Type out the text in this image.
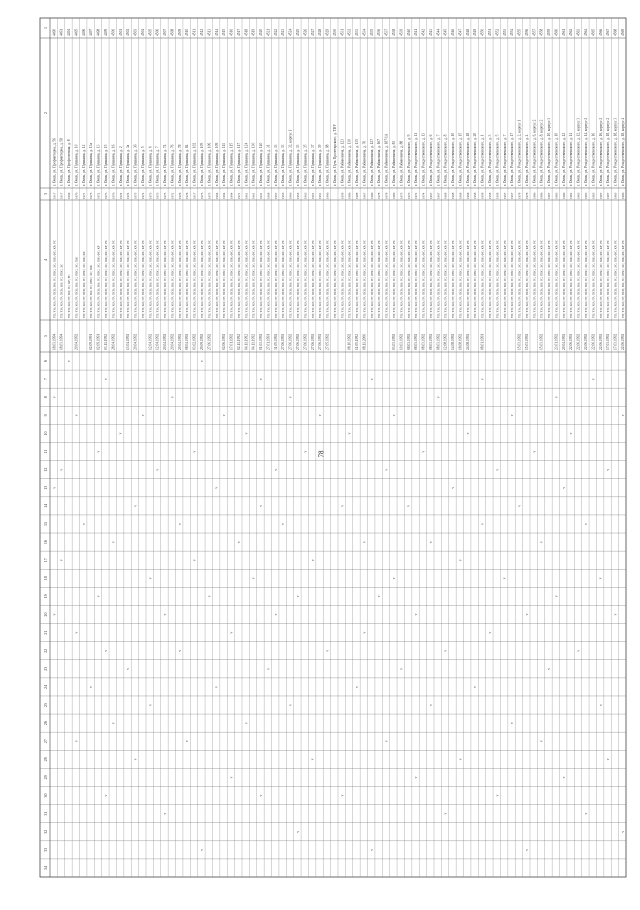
1
2
3
4
5
6
7
8
9
10
11
12
13
14
15
16
17
18
19
20
21
22
23
24
25
26
27
28
29
30
31
32
33
34
4490
г. Омск, ул. Профинтерна, д. 56
1917
ТП; ТН; ХО; ГР; ПСВ; ВО; ГС; ПВС; ЭС; ПЖ; ФС; КР; РС
18.03.1994
v
v
v
4491
г. Омск, ул. Профинтерна, д. 58
1917
ТП; ТН; ХО; ГР; ПСВ; ВО; ГС; ПВС; ЭС
18.03.1994
v
v
4494
г. Омск, ул. Профсоюзная, д. 8
1959
ТП; ТН; ХО; ГР; ВО; ГС; КР; РС
v
4495
г. Омск, ул. Пушкина, д. 10
1970
ТП; ТН; ХО; ГР; ПСВ; ВО; ГС; ПВС; ЭС; ПЖ
20.04.1992
v
v
v
4496
г. Омск, ул. Пушкина, д. 12
1971
ТП; ТН; ХО; ГР; ПСВ; ВО; ГС; ПВС; ЭС; ПЖ; ФС
v
4497
г. Омск, ул. Пушкина, д. 13а
1975
ТП; ТН; ХО; ГР; ВО; ГС; ПВС; ЭС; ПЖ
02.09.1991
v
4498
г. Омск, ул. Пушкина, д. 13
1972
ТП; ТН; ХО; ГР; ПСВ; ВО; ГС; ПВС; ЭС; ПЖ; ФС; КР
02.09.1991
v
v
4499
г. Омск, ул. Пушкина, д. 15
1973
ТП; ТН; ХО; ГР; ПСВ; ВО; ГС; ПВС; ЭС; ПЖ; ФС; КР; РС
03.11.1992
v
v
v
4500
г. Омск, ул. Пушкина, д. 16
1976
ТП; ТН; ХО; ГР; ПСВ; ВО; ГС; ПВС; ЭС; ПЖ; ФС; КР; РС
28.04.1992
v
v
4501
г. Омск, ул. Пушкина, д. 2
1974
ТП; ТН; ХО; ГР; ПСВ; ВО; ГС; ПВС; ЭС; ПЖ; ФС; КР; РС
v
4502
г. Омск, ул. Пушкина, д. 3а
1974
ТП; ТН; ХО; ГР; ПСВ; ВО; ГС; ПВС; ЭС; ПЖ; ФС; КР; РС
13.04.1992
v
4503
г. Омск, ул. Пушкина, д. 3б
1975
ТП; ТН; ХО; ГР; ПСВ; ВО; ГС; ПВС; ЭС; ПЖ; ФС; КР; РС
20.04.1992
v
v
4504
г. Омск, ул. Пушкина, д. 5
1972
ТП; ТН; ХО; ГР; ПСВ; ВО; ГС; ПВС; ЭС; ПЖ; ФС; КР; РС
v
4505
г. Омск, ул. Пушкина, д. 6
1973
ТП; ТН; ХО; ГР; ПСВ; ВО; ГС; ПВС; ЭС; ПЖ; ФС; КР; РС
12.04.1992
v
v
4506
г. Омск, ул. Пушкина, д. 7
1973
ТП; ТН; ХО; ГР; ПСВ; ВО; ГС; ПВС; ЭС; ПЖ; ФС; КР; РС
12.04.1992
v
4507
г. Омск, ул. Пушкина, д. 74
1975
ТП; ТН; ХО; ГР; ПСВ; ВО; ГС; ПВС; ЭС; ПЖ; ФС; КР; РС
20.04.1992
v
v
4508
г. Омск, ул. Пушкина, д. 76
1972
ТП; ТН; ХО; ГР; ПСВ; ВО; ГС; ПВС; ЭС; ПЖ; ФС; КР; РС
20.04.1992
v
4509
г. Омск, ул. Пушкина, д. 78
1979
ТП; ТН; ХО; ГР; ПСВ; ВО; ГС; ПВС; ЭС; ПЖ; ФС; КР; РС
20.04.1992
v
v
4510
г. Омск, ул. Пушкина, д. 84
1979
ТП; ТН; ХО; ГР; ПСВ; ВО; ГС; ПВС; ЭС; ПЖ; ФС; КР; РС
08.04.1992
v
4511
г. Омск, ул. Пушкина, д. 102
1917
ТП; ТН; ХО; ГР; ПСВ; ВО; ГС; ПВС; ЭС; ПЖ; ФС; КР; РС
03.02.1992
v
v
4512
г. Омск, ул. Пушкина, д. 105
1975
ТП; ТН; ХО; ГР; ПСВ; ВО; ГС; ПВС; ЭС; ПЖ; ФС; КР; РС
29.09.1992
v
v
4513
г. Омск, ул. Пушкина, д. 106
1975
ТП; ТН; ХО; ГР; ПСВ; ВО; ГС; ПВС; ЭС; ПЖ; ФС; КР; РС
27.06.1992
v
4514
г. Омск, ул. Пушкина, д. 109
1964
ТП; ТН; ХО; ГР; ПСВ; ВО; ГС; ПВС; ЭС; ПЖ; ФС; КР; РС
v
v
4515
г. Омск, ул. Пушкина, д. 111
1964
ТП; ТН; ХО; ГР; ПСВ; ВО; ГС; ПВС; ЭС; ПЖ; ФС; КР; РС
02.06.1992
v
4516
г. Омск, ул. Пушкина, д. 115
1964
ТП; ТН; ХО; ГР; ПСВ; ВО; ГС; ПВС; ЭС; ПЖ; ФС; КР; РС
17.01.1992
v
v
4517
г. Омск, ул. Пушкина, д. 117
1971
ТП; ТН; ХО; ГР; ПСВ; ВО; ГС; ПВС; ЭС; ПЖ; ФС; КР; РС
02.11.1992
v
4518
г. Омск, ул. Пушкина, д. 124
1961
ТП; ТН; ХО; ГР; ПСВ; ВО; ГС; ПВС; ЭС; ПЖ; ФС; КР; РС
04.11.1992
v
v
4519
г. Омск, ул. Пушкина, д. 130
1961
ТП; ТН; ХО; ГР; ПСВ; ВО; ГС; ПВС; ЭС; ПЖ; ФС; КР; РС
04.11.1992
v
4520
г. Омск, ул. Пушкина, д. 140
1931
ТП; ТН; ХО; ГР; ПСВ; ВО; ГС; ПВС; ЭС; ПЖ; ФС; КР; РС
01.03.1992
v
v
v
4521
г. Омск, ул. Пушкина, д. 31
1968
ТП; ТН; ХО; ГР; ПСВ; ВО; ГС; ПВС; ЭС; ПЖ; ФС; КР; РС
27.01.1991
v
4522
г. Омск, ул. Пушкина, д. 33
1967
ТП; ТН; ХО; ГР; ПСВ; ВО; ГС; ПВС; ЭС; ПЖ; ФС; КР; РС
31.05.1992
v
v
4523
г. Омск, ул. Пушкина, д. 33
1965
ТП; ТН; ХО; ГР; ПСВ; ВО; ГС; ПВС; ЭС; ПЖ; ФС; КР; РС
27.06.1992
v
4524
г. Омск, ул. Пушкина, д. 32, корпус 1
1966
ТП; ТН; ХО; ГР; ПСВ; ВО; ГС; ПВС; ЭС; ПЖ; ФС; КР; РС
27.06.1992
v
v
4525
г. Омск, ул. Пушкина, д. 33
1965
ТП; ТН; ХО; ГР; ПСВ; ВО; ГС; ПВС; ЭС; ПЖ; ФС; КР; РС
27.06.1992
v
v
4526
г. Омск, ул. Пушкина, д. 35
1963
ТП; ТН; ХО; ГР; ПСВ; ВО; ГС; ПВС; ЭС; ПЖ; ФС; КР; РС
27.06.1992
v
4527
г. Омск, ул. Пушкина, д. 37
1961
ТП; ТН; ХО; ГР; ПСВ; ВО; ГС; ПВС; ЭС; ПЖ; ФС; КР; РС
27.06.1992
v
v
4528
г. Омск, ул. Пушкина, д. 39
1961
ТП; ТН; ХО; ГР; ПСВ; ВО; ГС; ПВС; ЭС; ПЖ; ФС; КР; РС
27.06.1992
v
4529
г. Омск, ул. Пушкина, д. 98
1960
ТП; ТН; ХО; ГР; ПСВ; ВО; ГС; ПВС; ЭС; ПЖ; ФС; КР; РС
27.05.1992
v
4530
г. Омск, ул. Путь Пролетарского, д. ТНУ
ТП; ТН; ХО; ГР; ПСВ; ВО; ГС; ПВС; ЭС; ПЖ; ФС; КР; РС
4531
г. Омск, ул. Рабиновича, д. 123
1958
ТП; ТН; ХО; ГР; ПСВ; ВО; ГС; ПВС; ЭС; ПЖ; ФС; КР; РС
v
v
4532
г. Омск, ул. Рабиновича, д. 130
1980
ТП; ТН; ХО; ГР; ПСВ; ВО; ГС; ПВС; ЭС; ПЖ; ФС; КР; РС
08.10.1992
v
4533
г. Омск, ул. Рабиновича, д. 135
1988
ТП; ТН; ХО; ГР; ПСВ; ВО; ГС; ПВС; ЭС; ПЖ; ФС; КР; РС
11.05.1992
v
4534
г. Омск, ул. Рабиновича, д. 76
1967
ТП; ТН; ХО; ГР; ПСВ; ВО; ГС; ПВС; ЭС; ПЖ; ФС; КР; РС
08.11.2006
v
v
4535
г. Омск, ул. Рабиновича, д. 127
1990
ТП; ТН; ХО; ГР; ПСВ; ВО; ГС; ПВС; ЭС; ПЖ; ФС; КР; РС
v
v
4536
г. Омск, ул. Рабиновича, д. 167
1978
ТП; ТН; ХО; ГР; ПСВ; ВО; ГС; ПВС; ЭС; ПЖ; ФС; КР; РС
v
4537
г. Омск, ул. Рабиновича, д. 187/1А
1978
ТП; ТН; ХО; ГР; ПСВ; ВО; ГС; ПВС; ЭС; ПЖ; ФС; КР; РС
v
v
4538
г. Омск, ул. Рабиновича, д. 83
1980
ТП; ТН; ХО; ГР; ПСВ; ВО; ГС; ПВС; ЭС; ПЖ; ФС; КР; РС
03.03.1992
v
v
4539
г. Омск, ул. Рабиновича, д. 88
1975
ТП; ТН; ХО; ГР; ПСВ; ВО; ГС; ПВС; ЭС; ПЖ; ФС; КР; РС
10.03.1992
v
4540
г. Омск, ул. Рождественского, д. 9
1973
ТП; ТН; ХО; ГР; ПСВ; ВО; ГС; ПВС; ЭС; ПЖ; ФС; КР; РС
08.03.1992
v
4541
г. Омск, ул. Рождественского, д. 11
1972
ТП; ТН; ХО; ГР; ПСВ; ВО; ГС; ПВС; ЭС; ПЖ; ФС; КР; РС
08.03.1992
v
v
4542
г. Омск, ул. Рождественского, д. 13
1974
ТП; ТН; ХО; ГР; ПСВ; ВО; ГС; ПВС; ЭС; ПЖ; ФС; КР; РС
08.03.1992
v
4543
г. Омск, ул. Рождественского, д. 6
1967
ТП; ТН; ХО; ГР; ПСВ; ВО; ГС; ПВС; ЭС; ПЖ; ФС; КР; РС
08.03.1992
v
v
4544
г. Омск, ул. Рождественского, д. 7
1967
ТП; ТН; ХО; ГР; ПСВ; ВО; ГС; ПВС; ЭС; ПЖ; ФС; КР; РС
08.03.1992
v
4545
г. Омск, ул. Рождественского, д. 8
1968
ТП; ТН; ХО; ГР; ПСВ; ВО; ГС; ПВС; ЭС; ПЖ; ФС; КР; РС
12.08.1992
v
v
4546
г. Омск, ул. Рождественского, д. 10
1968
ТП; ТН; ХО; ГР; ПСВ; ВО; ГС; ПВС; ЭС; ПЖ; ФС; КР; РС
14.08.1992
v
4547
г. Омск, ул. Рождественского, д. 15
1968
ТП; ТН; ХО; ГР; ПСВ; ВО; ГС; ПВС; ЭС; ПЖ; ФС; КР; РС
18.08.1992
v
v
4548
г. Омск, ул. Рождественского, д. 18
1968
ТП; ТН; ХО; ГР; ПСВ; ВО; ГС; ПВС; ЭС; ПЖ; ФС; КР; РС
24.08.1992
v
4549
г. Омск, ул. Рождественского, д. 20
1958
ТП; ТН; ХО; ГР; ПСВ; ВО; ГС; ПВС; ЭС; ПЖ; ФС; КР; РС
v
4550
г. Омск, ул. Рождественского, д. 1
1958
ТП; ТН; ХО; ГР; ПСВ; ВО; ГС; ПВС; ЭС; ПЖ; ФС; КР; РС
08.01.1991
v
v
4551
г. Омск, ул. Рождественского, д. 3
1958
ТП; ТН; ХО; ГР; ПСВ; ВО; ГС; ПВС; ЭС; ПЖ; ФС; КР; РС
v
4552
г. Омск, ул. Рождественского, д. 5
1958
ТП; ТН; ХО; ГР; ПСВ; ВО; ГС; ПВС; ЭС; ПЖ; ФС; КР; РС
v
v
4553
г. Омск, ул. Рождественского, д. 7
1967
ТП; ТН; ХО; ГР; ПСВ; ВО; ГС; ПВС; ЭС; ПЖ; ФС; КР; РС
v
4554
г. Омск, ул. Рождественского, д. 17
1967
ТП; ТН; ХО; ГР; ПСВ; ВО; ГС; ПВС; ЭС; ПЖ; ФС; КР; РС
v
v
4555
г. Омск, ул. Рождественского, д. 2, корпус 1
1978
ТП; ТН; ХО; ГР; ПСВ; ВО; ГС; ПВС; ЭС; ПЖ; ФС; КР; РС
15.03.1992
v
4556
г. Омск, ул. Рождественского, д. 4
1978
ТП; ТН; ХО; ГР; ПСВ; ВО; ГС; ПВС; ЭС; ПЖ; ФС; КР; РС
15.03.1992
v
v
4557
г. Омск, ул. Рождественского, д. 6, корпус 2
1980
ТП; ТН; ХО; ГР; ПСВ; ВО; ГС; ПВС; ЭС; ПЖ; ФС; КР; РС
v
4558
г. Омск, ул. Рождественского, д. 8, корпус 2
1980
ТП; ТН; ХО; ГР; ПСВ; ВО; ГС; ПВС; ЭС; ПЖ; ФС; КР; РС
15.03.1992
v
v
4559
г. Омск, ул. Рождественского, д. 10, корпус 3
1987
ТП; ТН; ХО; ГР; ПСВ; ВО; ГС; ПВС; ЭС; ПЖ; ФС; КР; РС
v
4560
г. Омск, ул. Рождественского, д. 10
1983
ТП; ТН; ХО; ГР; ПСВ; ВО; ГС; ПВС; ЭС; ПЖ; ФС; КР; РС
23.01.1992
v
v
4561
г. Омск, ул. Рождественского, д. 12
1980
ТП; ТН; ХО; ГР; ПСВ; ВО; ГС; ПВС; ЭС; ПЖ; ФС; КР; РС
20.04.1992
v
v
4562
г. Омск, ул. Рождественского, д. 14
1982
ТП; ТН; ХО; ГР; ПСВ; ВО; ГС; ПВС; ЭС; ПЖ; ФС; КР; РС
22.06.1992
v
4563
г. Омск, ул. Рождественского, д. 12, корпус 3
1983
ТП; ТН; ХО; ГР; ПСВ; ВО; ГС; ПВС; ЭС; ПЖ; ФС; КР; РС
22.06.1992
v
4564
г. Омск, ул. Рождественского, д. 14, корпус 2
1983
ТП; ТН; ХО; ГР; ПСВ; ВО; ГС; ПВС; ЭС; ПЖ; ФС; КР; РС
22.06.1992
v
v
4565
г. Омск, ул. Рождественского, д. 16
1983
ТП; ТН; ХО; ГР; ПСВ; ВО; ГС; ПВС; ЭС; ПЖ; ФС; КР; РС
22.06.1992
v
4566
г. Омск, ул. Рождественского, д. 16, корпус 2
1987
ТП; ТН; ХО; ГР; ПСВ; ВО; ГС; ПВС; ЭС; ПЖ; ФС; КР; РС
22.06.1992
v
v
4567
г. Омск, ул. Рождественского, д. 18, корпус 2
1987
ТП; ТН; ХО; ГР; ПСВ; ВО; ГС; ПВС; ЭС; ПЖ; ФС; КР; РС
17.03.1992
v
v
4568
г. Омск, ул. Рождественского, д. 18, корпус 3
1983
ТП; ТН; ХО; ГР; ПСВ; ВО; ГС; ПВС; ЭС; ПЖ; ФС; КР; РС
17.03.1992
v
4569
г. Омск, ул. Рождественского, д. 18, корпус 4
1980
ТП; ТН; ХО; ГР; ПСВ; ВО; ГС; ПВС; ЭС; ПЖ; ФС; КР; РС
22.06.1992
v
v
78
